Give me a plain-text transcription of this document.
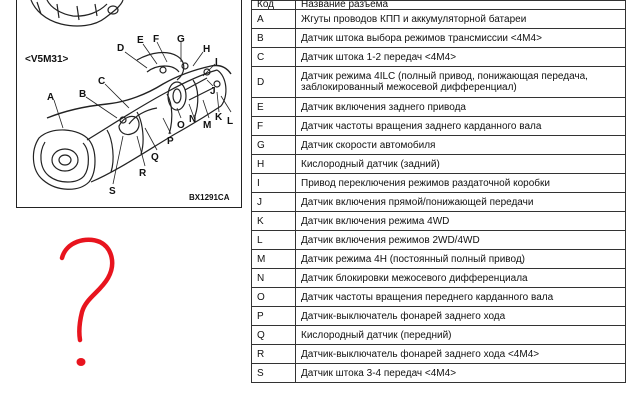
<V5M31>
BX1291CA
A B
C
D
E F G
H
I
J
K L
M
N
O
P
Q
R
S
Код	Название разъема
A	Жгуты проводов КПП и аккумуляторной батареи
B	Датчик штока выбора режимов трансмиссии <4M4>
C	Датчик штока 1-2 передач <4M4>
D	Датчик режима 4ILC (полный привод, понижающая передача, заблокированный межосевой дифференциал)
E	Датчик включения заднего привода
F	Датчик частоты вращения заднего карданного вала
G	Датчик скорости автомобиля
H	Кислородный датчик (задний)
I	Привод переключения режимов раздаточной коробки
J	Датчик включения прямой/понижающей передачи
K	Датчик включения режима 4WD
L	Датчик включения режимов 2WD/4WD
M	Датчик режима 4H (постоянный полный привод)
N	Датчик блокировки межосевого дифференциала
O	Датчик частоты вращения переднего карданного вала
P	Датчик-выключатель фонарей заднего хода
Q	Кислородный датчик (передний)
R	Датчик-выключатель фонарей заднего хода <4M4>
S	Датчик штока 3-4 передач <4M4>
